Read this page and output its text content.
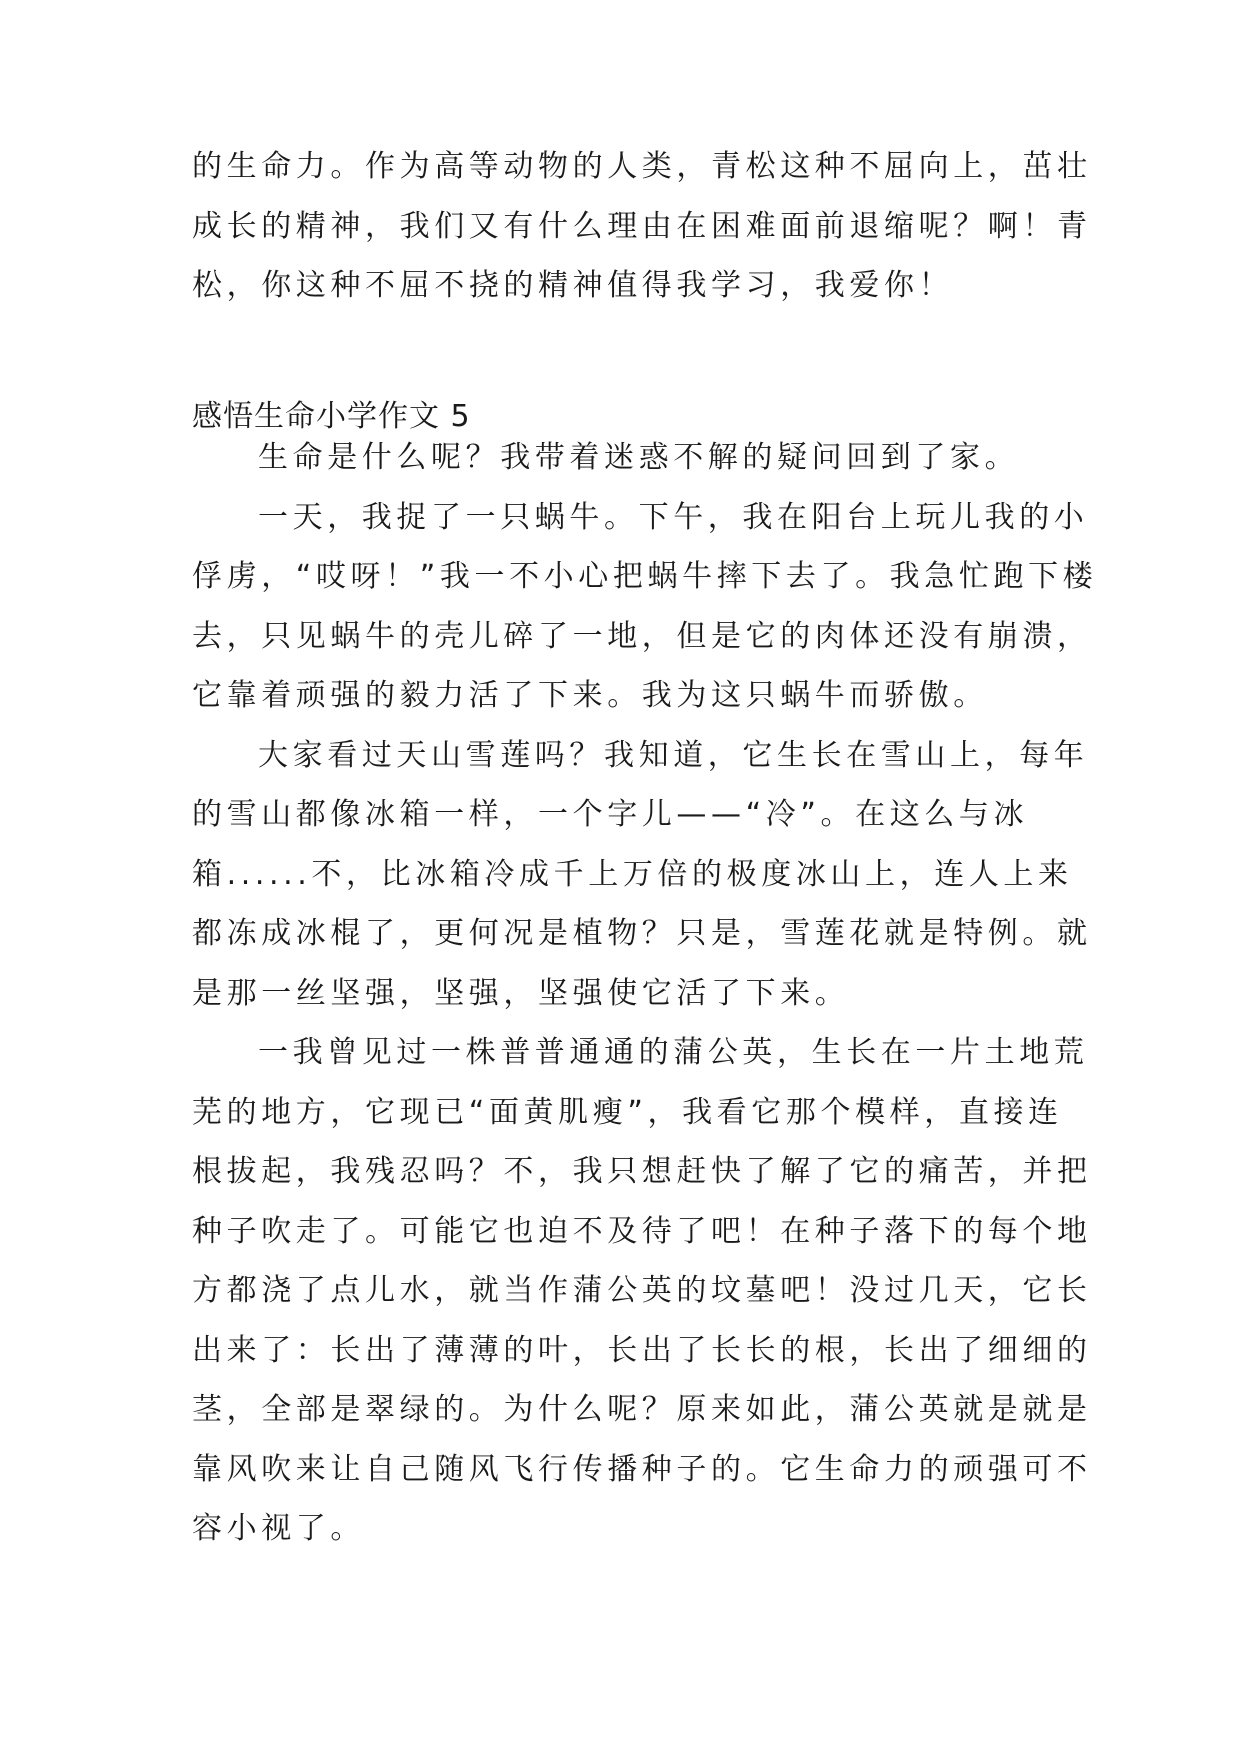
的生命力。作为高等动物的人类，青松这种不屈向上，茁壮
成长的精神，我们又有什么理由在困难面前退缩呢？啊！青
松，你这种不屈不挠的精神值得我学习，我爱你！
感悟生命小学作文 5
生命是什么呢？我带着迷惑不解的疑问回到了家。
一天，我捉了一只蜗牛。下午，我在阳台上玩儿我的小
俘虏，“哎呀！”我一不小心把蜗牛摔下去了。我急忙跑下楼
去，只见蜗牛的壳儿碎了一地，但是它的肉体还没有崩溃，
它靠着顽强的毅力活了下来。我为这只蜗牛而骄傲。
大家看过天山雪莲吗？我知道，它生长在雪山上，每年
的雪山都像冰箱一样，一个字儿——“冷”。在这么与冰
箱......不，比冰箱冷成千上万倍的极度冰山上，连人上来
都冻成冰棍了，更何况是植物？只是，雪莲花就是特例。就
是那一丝坚强，坚强，坚强使它活了下来。
一我曾见过一株普普通通的蒲公英，生长在一片土地荒
芜的地方，它现已“面黄肌瘦”，我看它那个模样，直接连
根拔起，我残忍吗？不，我只想赶快了解了它的痛苦，并把
种子吹走了。可能它也迫不及待了吧！在种子落下的每个地
方都浇了点儿水，就当作蒲公英的坟墓吧！没过几天，它长
出来了：长出了薄薄的叶，长出了长长的根，长出了细细的
茎，全部是翠绿的。为什么呢？原来如此，蒲公英就是就是
靠风吹来让自己随风飞行传播种子的。它生命力的顽强可不
容小视了。
